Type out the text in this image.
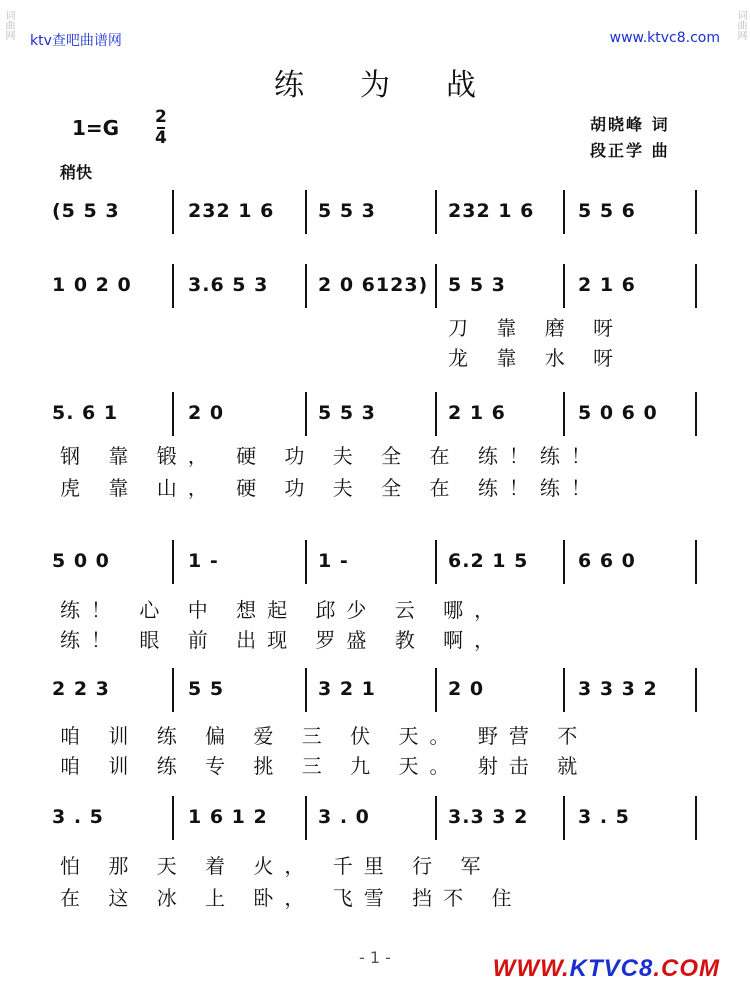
ktv查吧曲谱网	www.ktvc8.com
词曲网	词曲网
练为战
1=G 2
4
胡晓峰 词
段正学 曲
稍快
(5 5 3	232 1 6 5 5 3	232 1 6 5 5 6
1 0 2 0	3.6 5 3	2 0 6123) 5 5 3	2 1 6
5. 6 1	2 0	5 5 3	2 1 6	5 0 6 0
5 0 0	1 -	1 -	6.2 1 5	6 6 0
2 2 3	5 5	3 2 1	2 0	3 3 3 2
3 . 5	1 6 1 2	3 . 0	3.3 3 2	3 . 5
刀 靠 磨 呀
龙 靠 水 呀
钢 靠 锻， 硬 功 夫 全 在 练！练！
虎 靠 山， 硬 功 夫 全 在 练！练！
练！ 心 中 想起 邱少 云 哪，
练！ 眼 前 出现 罗盛 教 啊，
咱 训 练 偏 爱 三 伏 天。 野营 不
咱 训 练 专 挑 三 九 天。 射击 就
怕 那 天 着 火， 千里 行 军
在 这 冰 上 卧， 飞雪 挡不 住
- 1 -	WWW.KTVC8.COM
